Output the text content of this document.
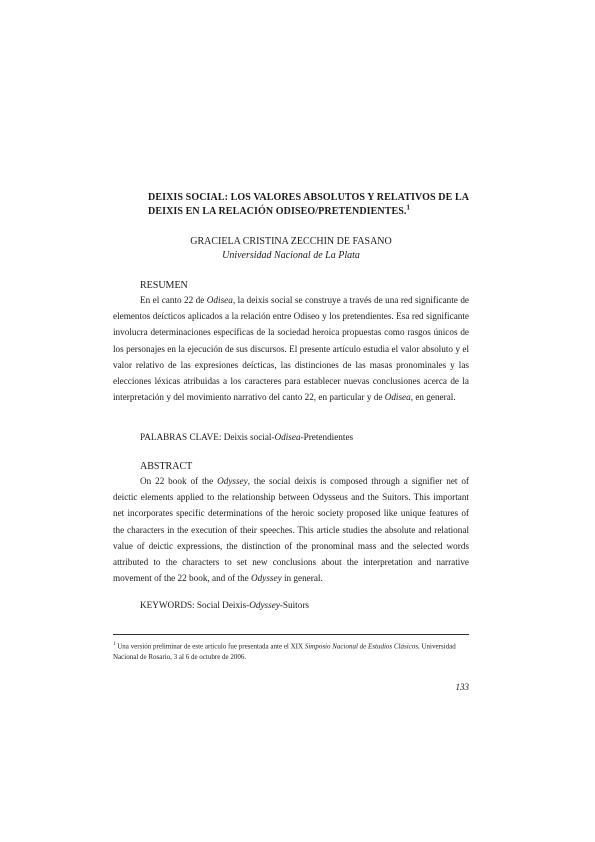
DEIXIS SOCIAL: LOS VALORES ABSOLUTOS Y RELATIVOS DE LA

DEIXIS EN LA RELACIÓN ODISEO/PRETENDIENTES.$^1$
GRACIELA CRISTINA ZECCHIN DE FASANO
Universidad Nacional de La Plata
RESUMEN
En el canto 22 de Odisea, la deixis social se construye a través de una red significante de elementos deícticos aplicados a la relación entre Odiseo y los pretendientes. Esa red significante involucra determinaciones específicas de la sociedad heroica propuestas como rasgos únicos de los personajes en la ejecución de sus discursos. El presente artículo estudia el valor absoluto y el valor relativo de las expresiones deícticas, las distinciones de las masas pronominales y las elecciones léxicas atribuidas a los caracteres para establecer nuevas conclusiones acerca de la interpretación y del movimiento narrativo del canto 22, en particular y de Odisea, en general.
PALABRAS CLAVE: Deixis social-Odisea-Pretendientes
ABSTRACT
On 22 book of the Odyssey, the social deixis is composed through a signifier net of deictic elements applied to the relationship between Odysseus and the Suitors. This important net incorporates specific determinations of the heroic society proposed like unique features of the characters in the execution of their speeches. This article studies the absolute and relational value of deictic expressions, the distinction of the pronominal mass and the selected words attributed to the characters to set new conclusions about the interpretation and narrative movement of the 22 book, and of the Odyssey in general.
KEYWORDS: Social Deixis-Odyssey-Suitors
$^1$ Una versión preliminar de este artículo fue presentada ante el XIX Simposio Nacional de Estudios Clásicos, Universidad Nacional de Rosario, 3 al 6 de octubre de 2006.
133
